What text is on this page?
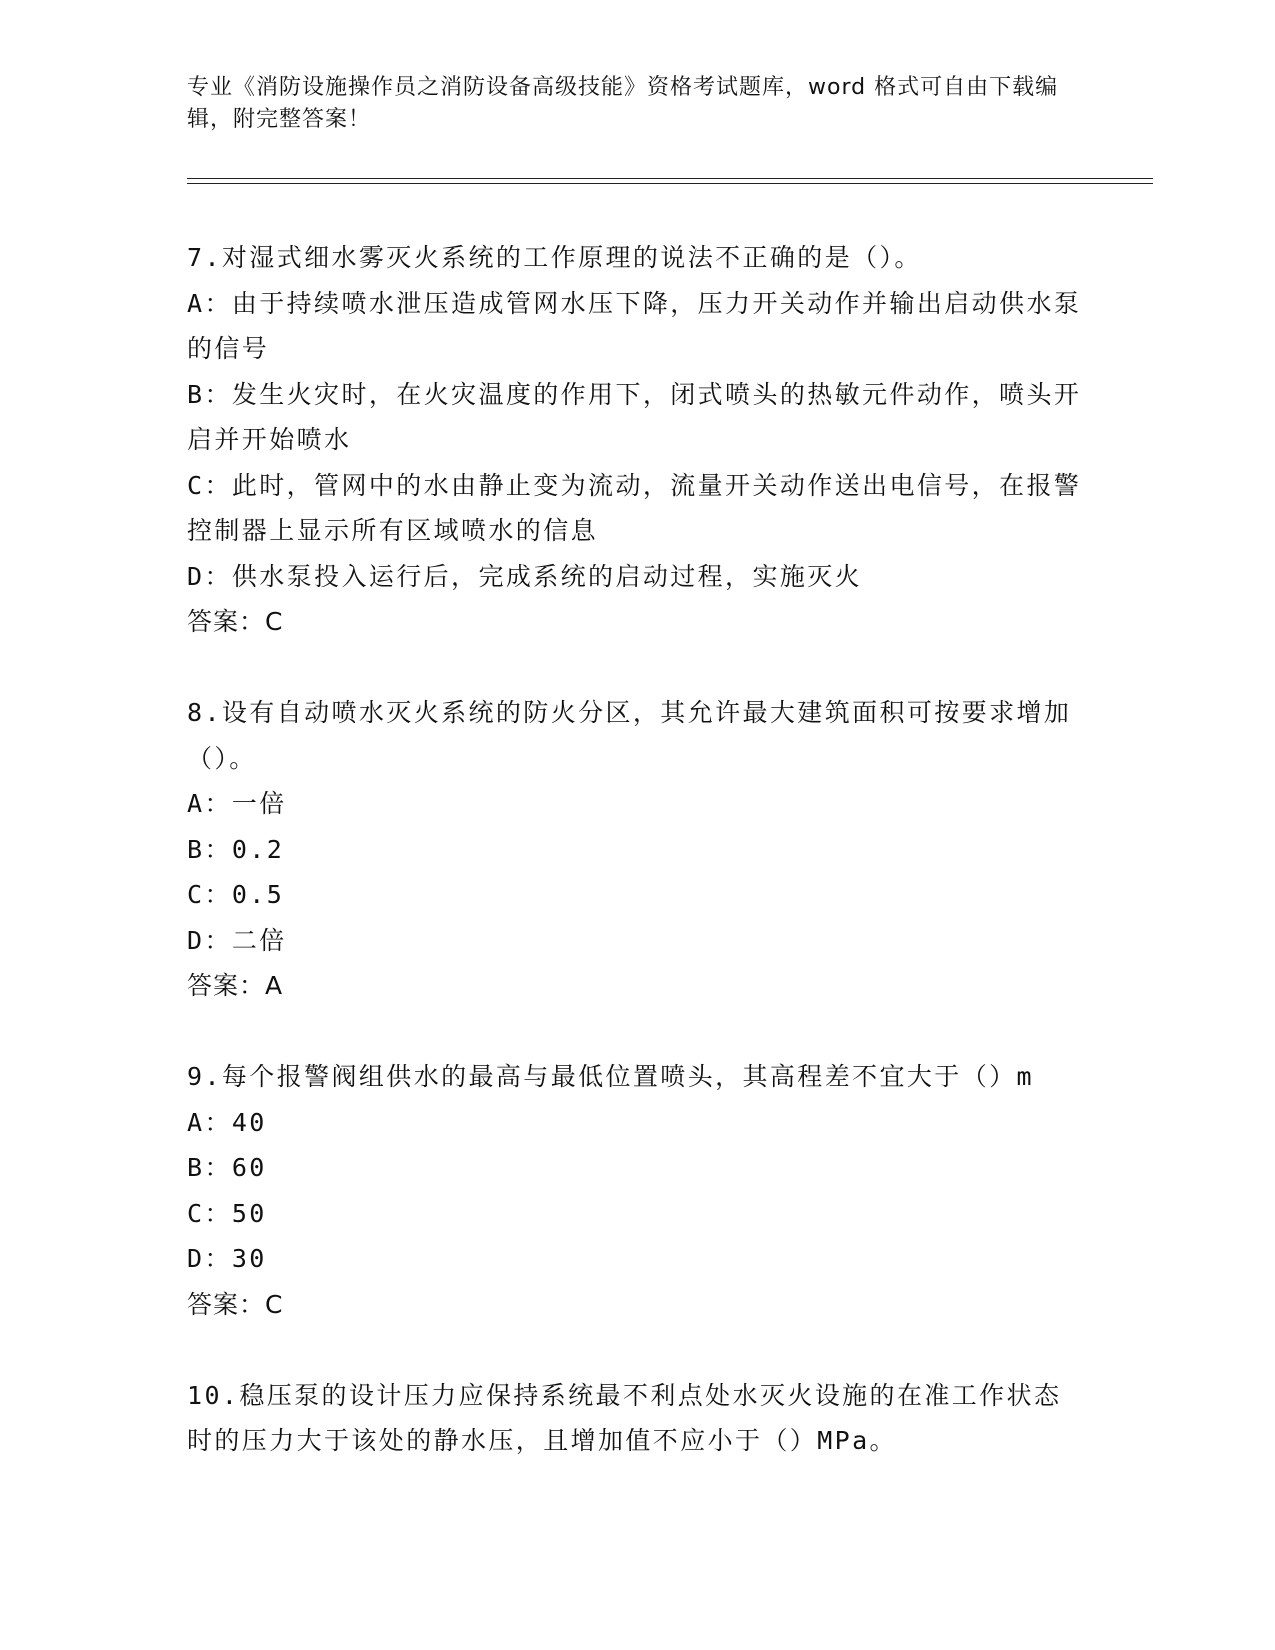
专业《消防设施操作员之消防设备高级技能》资格考试题库，word 格式可自由下载编辑，附完整答案！

7.对湿式细水雾灭火系统的工作原理的说法不正确的是（）。

A：由于持续喷水泄压造成管网水压下降，压力开关动作并输出启动供水泵的信号

B：发生火灾时，在火灾温度的作用下，闭式喷头的热敏元件动作，喷头开启并开始喷水

C：此时，管网中的水由静止变为流动，流量开关动作送出电信号，在报警控制器上显示所有区域喷水的信息

D：供水泵投入运行后，完成系统的启动过程，实施灭火

答案：C

8.设有自动喷水灭火系统的防火分区，其允许最大建筑面积可按要求增加（）。

A：一倍

B：0.2

C：0.5

D：二倍

答案：A

9.每个报警阀组供水的最高与最低位置喷头，其高程差不宜大于（）m

A：40

B：60

C：50

D：30

答案：C

10.稳压泵的设计压力应保持系统最不利点处水灭火设施的在准工作状态时的压力大于该处的静水压，且增加值不应小于（）MPa。
